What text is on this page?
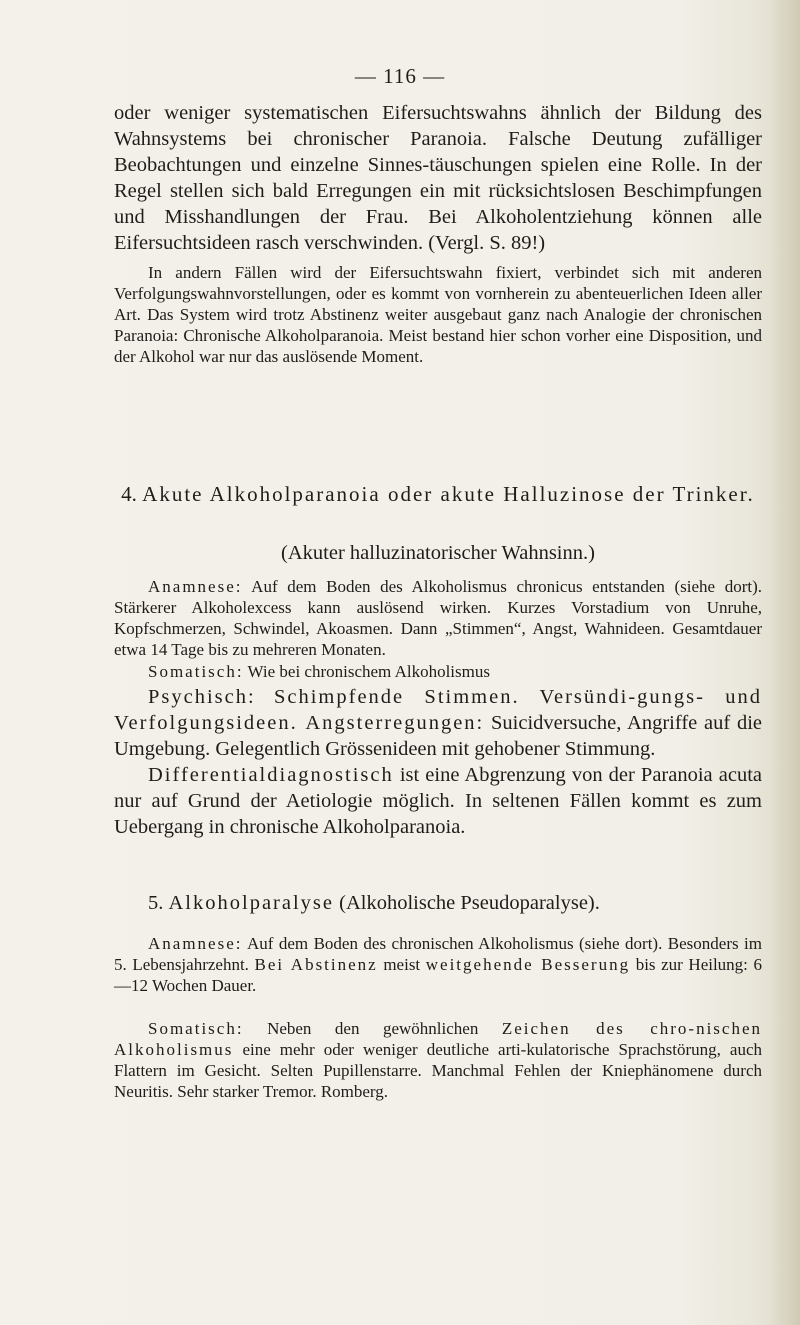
— 116 —

oder weniger systematischen Eifersuchtswahns ähnlich der Bildung des Wahnsystems bei chronischer Paranoia. Falsche Deutung zufälliger Beobachtungen und einzelne Sinnes-täuschungen spielen eine Rolle. In der Regel stellen sich bald Erregungen ein mit rücksichtslosen Beschimpfungen und Misshandlungen der Frau. Bei Alkoholentziehung können alle Eifersuchtsideen rasch verschwinden. (Vergl. S. 89!)

In andern Fällen wird der Eifersuchtswahn fixiert, verbindet sich mit anderen Verfolgungswahnvorstellungen, oder es kommt von vornherein zu abenteuerlichen Ideen aller Art. Das System wird trotz Abstinenz weiter ausgebaut ganz nach Analogie der chronischen Paranoia: Chronische Alkoholparanoia. Meist bestand hier schon vorher eine Disposition, und der Alkohol war nur das auslösende Moment.

4. Akute Alkoholparanoia oder akute Halluzinose der Trinker.

(Akuter halluzinatorischer Wahnsinn.)

Anamnese: Auf dem Boden des Alkoholismus chronicus entstanden (siehe dort). Stärkerer Alkoholexcess kann auslösend wirken. Kurzes Vorstadium von Unruhe, Kopfschmerzen, Schwindel, Akoasmen. Dann „Stimmen“, Angst, Wahnideen. Gesamtdauer etwa 14 Tage bis zu mehreren Monaten.

Somatisch: Wie bei chronischem Alkoholismus

Psychisch: Schimpfende Stimmen. Versündi-gungs- und Verfolgungsideen. Angsterregungen: Suicidversuche, Angriffe auf die Umgebung. Gelegentlich Grössenideen mit gehobener Stimmung.

Differentialdiagnostisch ist eine Abgrenzung von der Paranoia acuta nur auf Grund der Aetiologie möglich. In seltenen Fällen kommt es zum Uebergang in chronische Alkoholparanoia.

5. Alkoholparalyse (Alkoholische Pseudoparalyse).

Anamnese: Auf dem Boden des chronischen Alkoholismus (siehe dort). Besonders im 5. Lebensjahrzehnt. Bei Abstinenz meist weitgehende Besserung bis zur Heilung: 6—12 Wochen Dauer.

Somatisch: Neben den gewöhnlichen Zeichen des chro-nischen Alkoholismus eine mehr oder weniger deutliche arti-kulatorische Sprachstörung, auch Flattern im Gesicht. Selten Pupillenstarre. Manchmal Fehlen der Kniephänomene durch Neuritis. Sehr starker Tremor. Romberg.
